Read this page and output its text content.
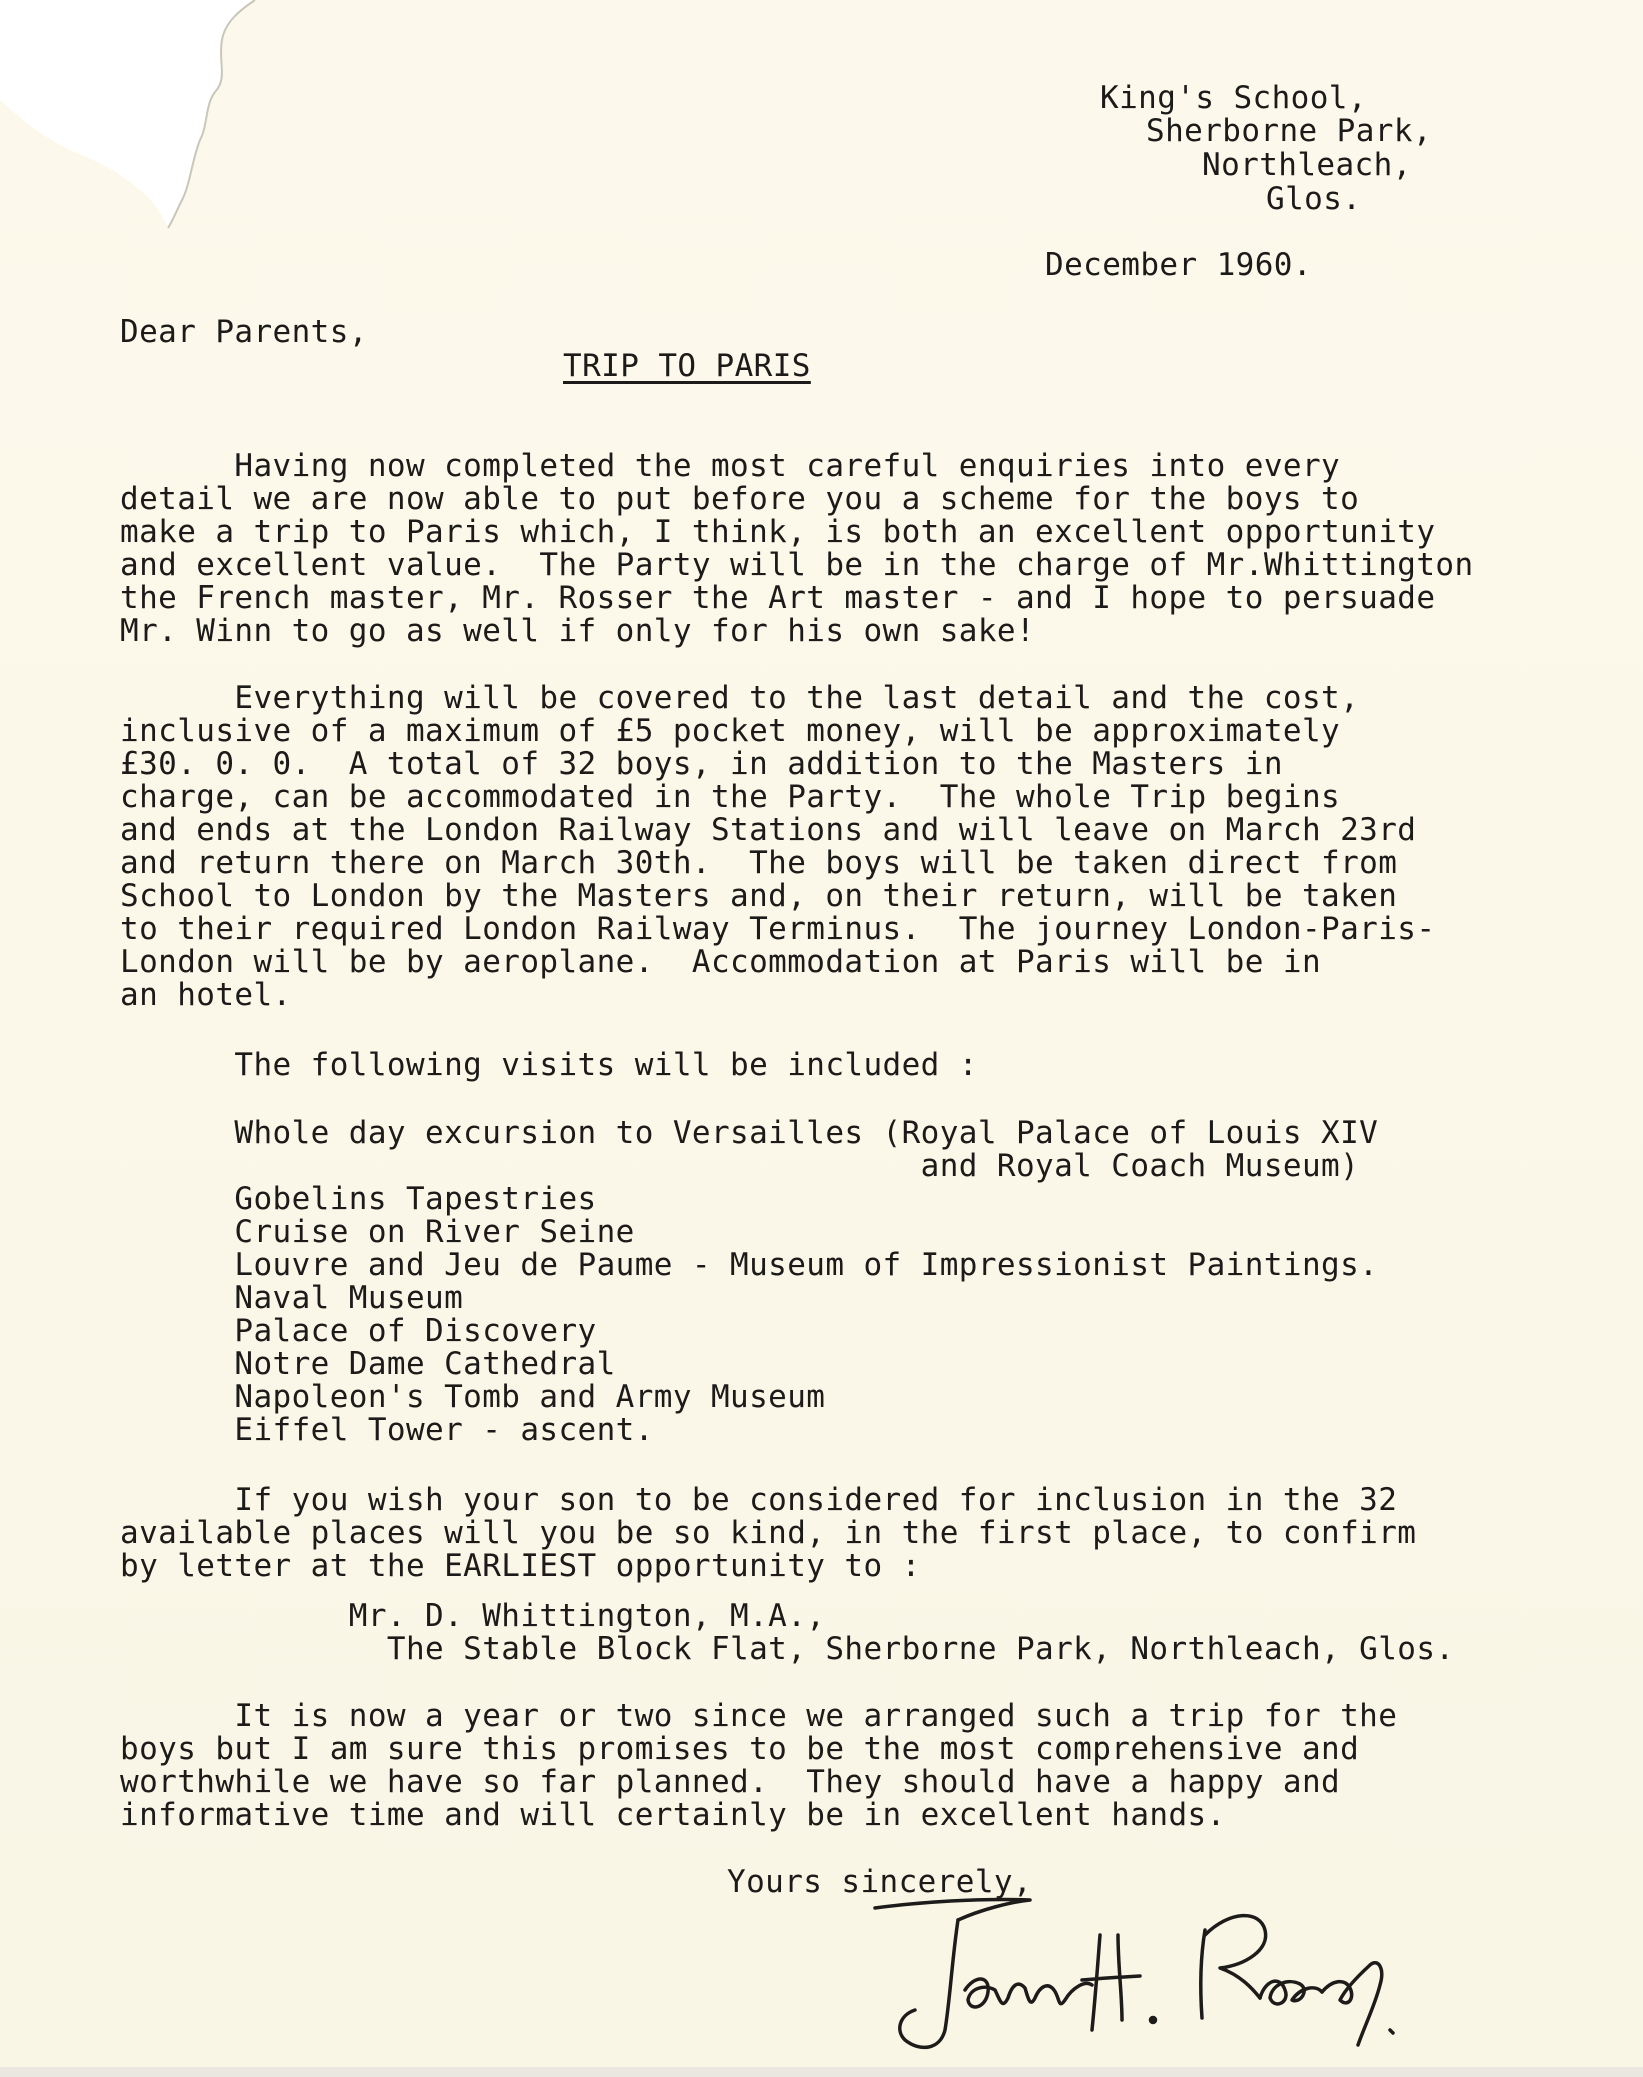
King's School,
Sherborne Park,
Northleach,
Glos.
December 1960.
Dear Parents,
TRIP TO PARIS
Having now completed the most careful enquiries into every
detail we are now able to put before you a scheme for the boys to
make a trip to Paris which, I think, is both an excellent opportunity
and excellent value.  The Party will be in the charge of Mr.Whittington
the French master, Mr. Rosser the Art master - and I hope to persuade
Mr. Winn to go as well if only for his own sake!
Everything will be covered to the last detail and the cost,
inclusive of a maximum of £5 pocket money, will be approximately
£30. 0. 0.  A total of 32 boys, in addition to the Masters in
charge, can be accommodated in the Party.  The whole Trip begins
and ends at the London Railway Stations and will leave on March 23rd
and return there on March 30th.  The boys will be taken direct from
School to London by the Masters and, on their return, will be taken
to their required London Railway Terminus.  The journey London-Paris-
London will be by aeroplane.  Accommodation at Paris will be in
an hotel.
The following visits will be included :
Whole day excursion to Versailles (Royal Palace of Louis XIV
and Royal Coach Museum)
Gobelins Tapestries
Cruise on River Seine
Louvre and Jeu de Paume - Museum of Impressionist Paintings.
Naval Museum
Palace of Discovery
Notre Dame Cathedral
Napoleon's Tomb and Army Museum
Eiffel Tower - ascent.
If you wish your son to be considered for inclusion in the 32
available places will you be so kind, in the first place, to confirm
by letter at the EARLIEST opportunity to :
Mr. D. Whittington, M.A.,
The Stable Block Flat, Sherborne Park, Northleach, Glos.
It is now a year or two since we arranged such a trip for the
boys but I am sure this promises to be the most comprehensive and
worthwhile we have so far planned.  They should have a happy and
informative time and will certainly be in excellent hands.
Yours sincerely,
